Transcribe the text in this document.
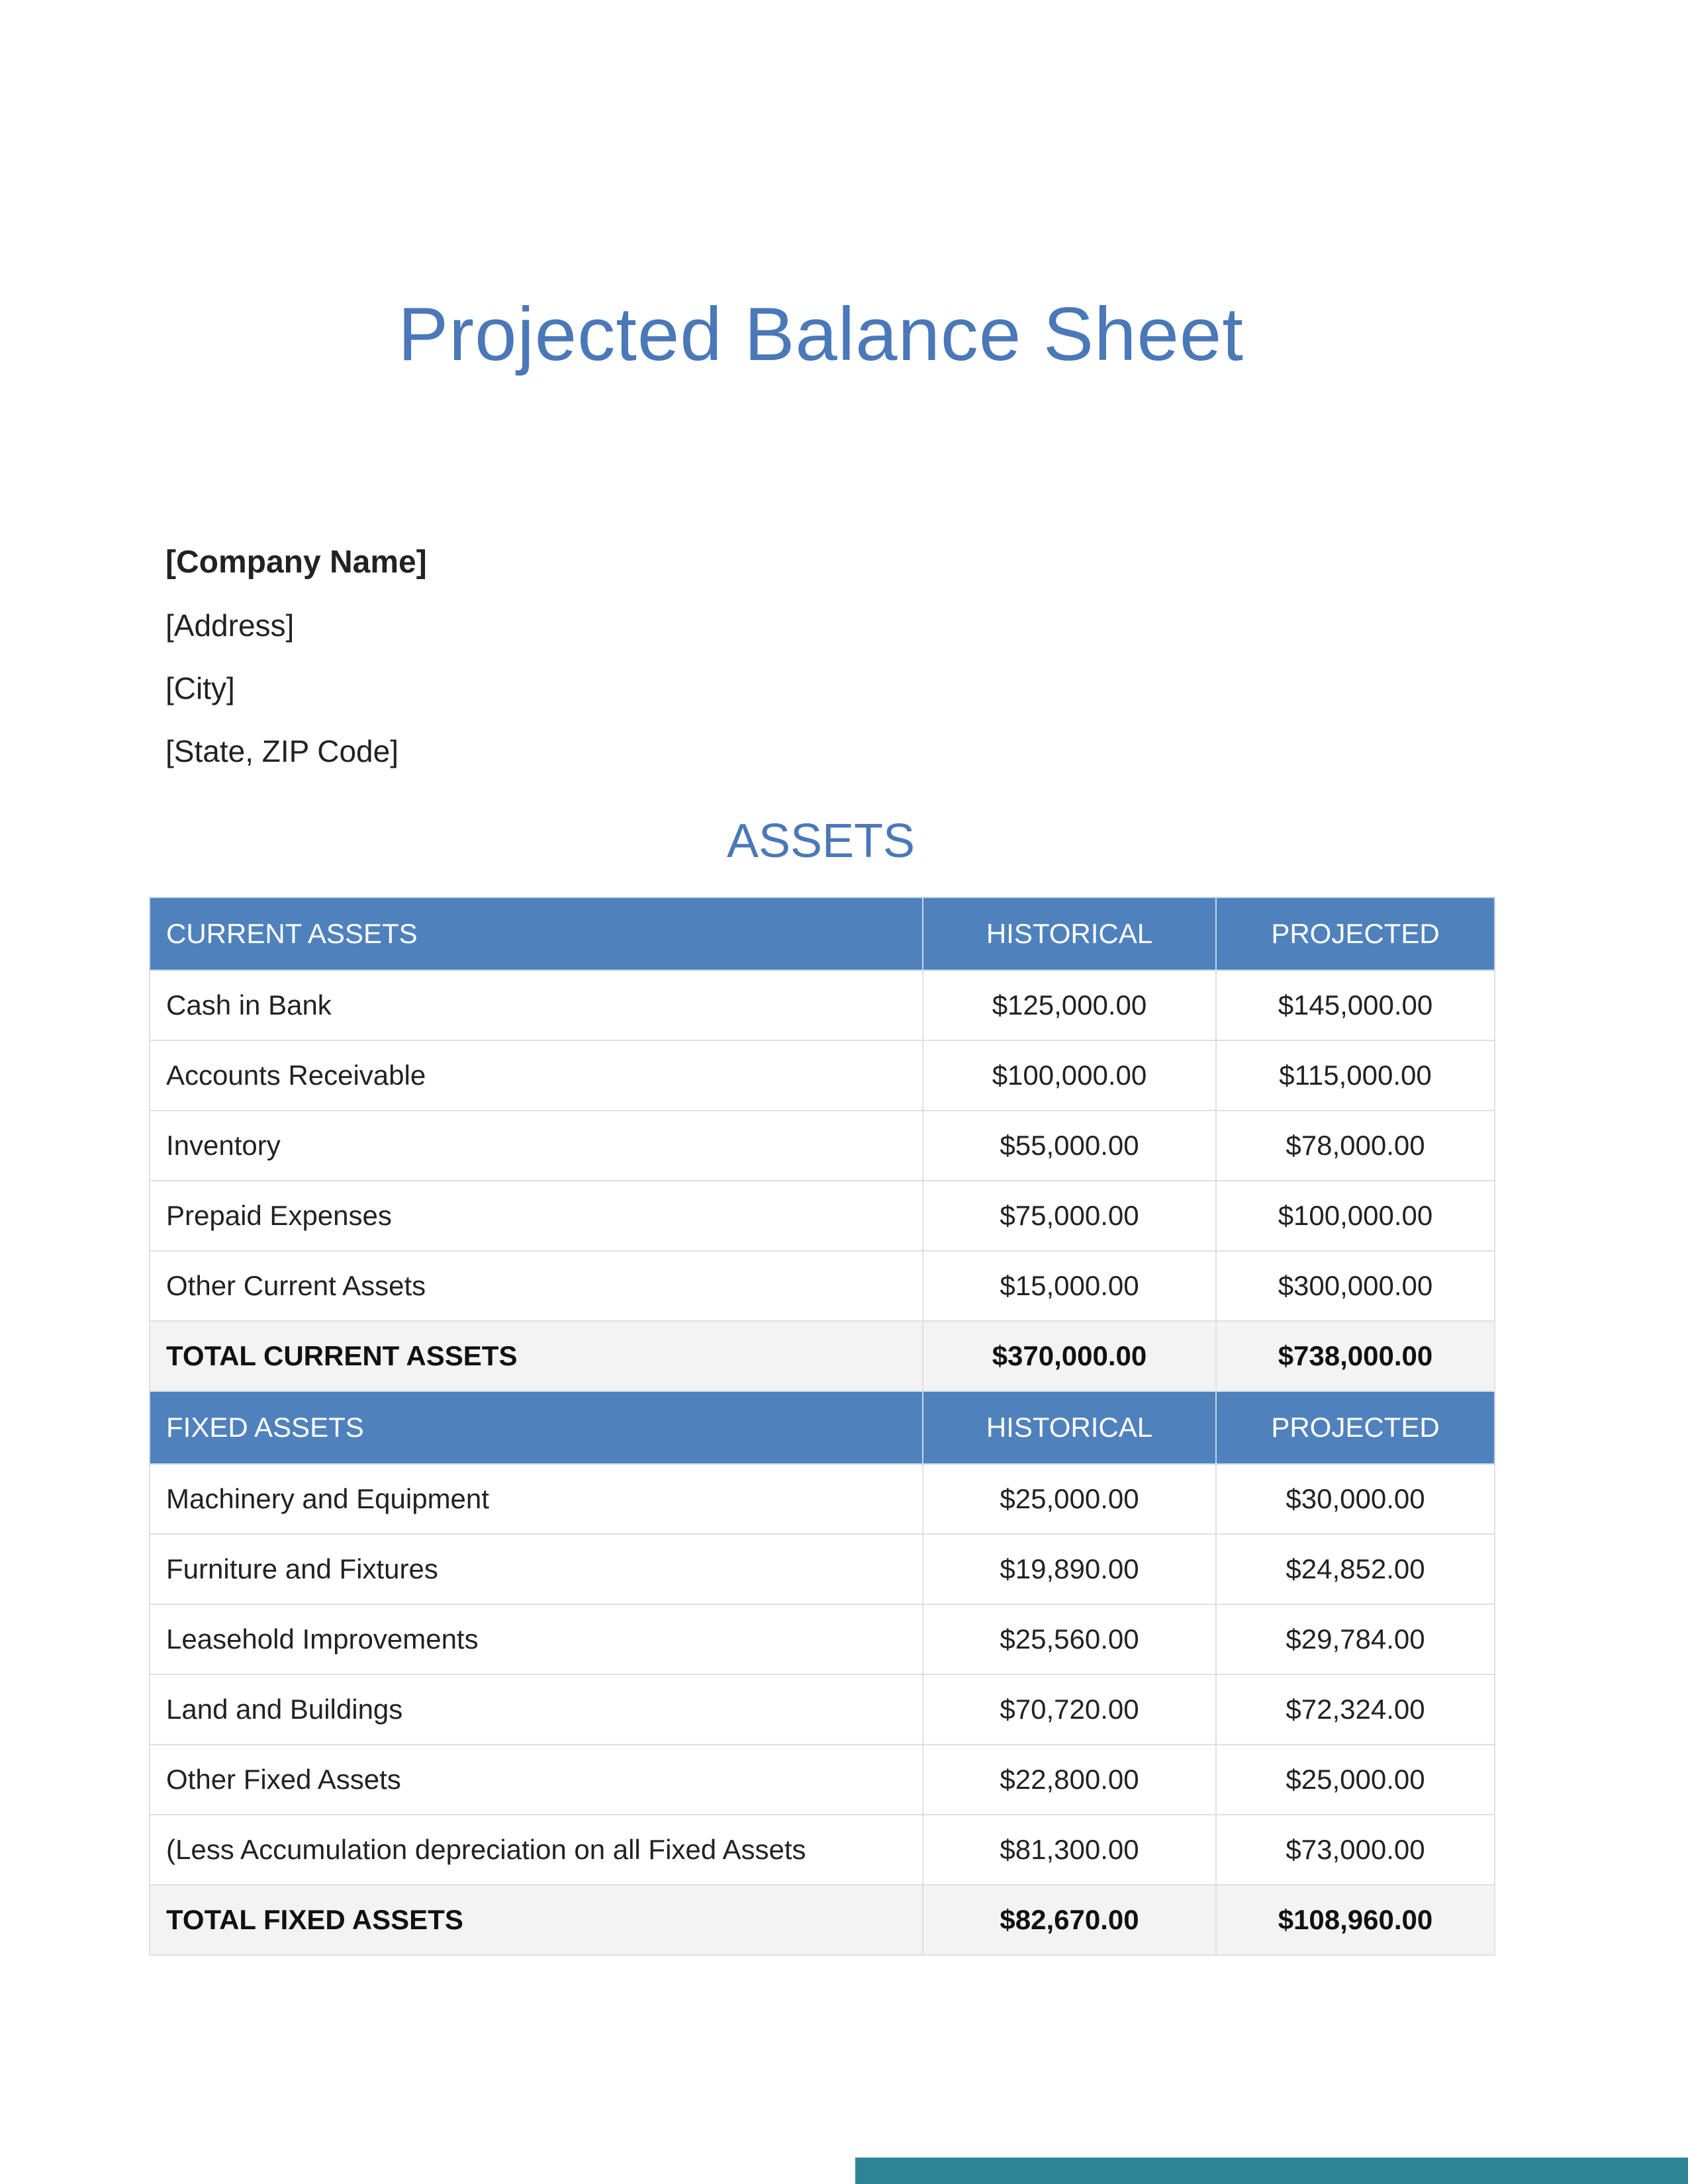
Projected Balance Sheet
[Company Name]
[Address]
[City]
[State, ZIP Code]
ASSETS
CURRENT ASSETS	HISTORICAL	PROJECTED
Cash in Bank	$125,000.00	$145,000.00
Accounts Receivable	$100,000.00	$115,000.00
Inventory	$55,000.00	$78,000.00
Prepaid Expenses	$75,000.00	$100,000.00
Other Current Assets	$15,000.00	$300,000.00
TOTAL CURRENT ASSETS	$370,000.00	$738,000.00
FIXED ASSETS	HISTORICAL	PROJECTED
Machinery and Equipment	$25,000.00	$30,000.00
Furniture and Fixtures	$19,890.00	$24,852.00
Leasehold Improvements	$25,560.00	$29,784.00
Land and Buildings	$70,720.00	$72,324.00
Other Fixed Assets	$22,800.00	$25,000.00
(Less Accumulation depreciation on all Fixed Assets	$81,300.00	$73,000.00
TOTAL FIXED ASSETS	$82,670.00	$108,960.00
